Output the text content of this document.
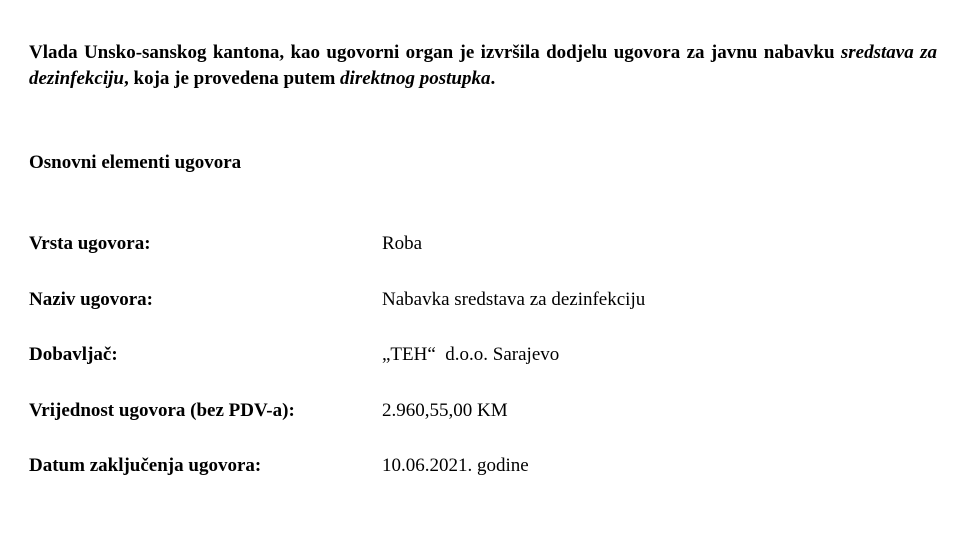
Vlada Unsko-sanskog kantona, kao ugovorni organ je izvršila dodjelu ugovora za javnu nabavku sredstava za dezinfekciju, koja je provedena putem direktnog postupka.

Osnovni elementi ugovora
Vrsta ugovora:	Roba
Naziv ugovora:	Nabavka sredstava za dezinfekciju
Dobavljač:	„TEH“  d.o.o. Sarajevo
Vrijednost ugovora (bez PDV-a):	2.960,55,00 KM
Datum zaključenja ugovora:	10.06.2021. godine
